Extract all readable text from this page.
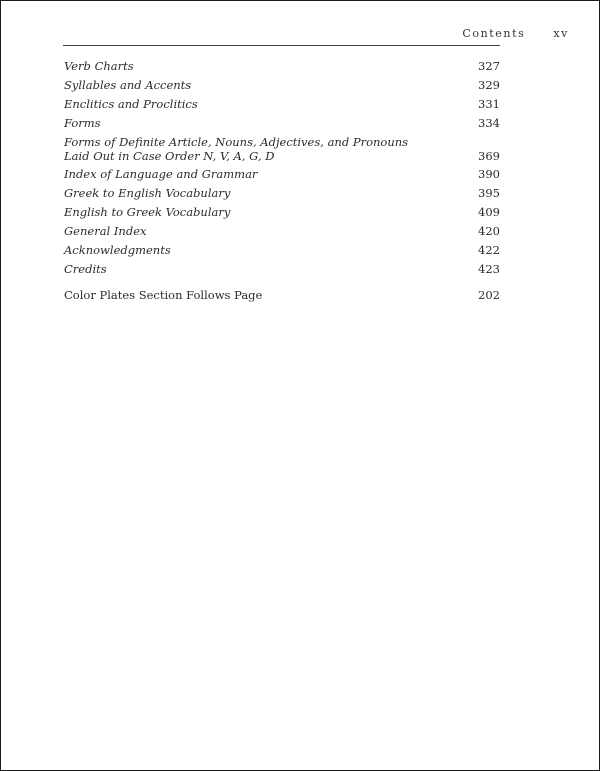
Contents	xv
Verb Charts	327
Syllables and Accents	329
Enclitics and Proclitics	331
Forms	334
Forms of Definite Article, Nouns, Adjectives, and Pronouns Laid Out in Case Order N, V, A, G, D	369
Index of Language and Grammar	390
Greek to English Vocabulary	395
English to Greek Vocabulary	409
General Index	420
Acknowledgments	422
Credits	423
Color Plates Section Follows Page	202
